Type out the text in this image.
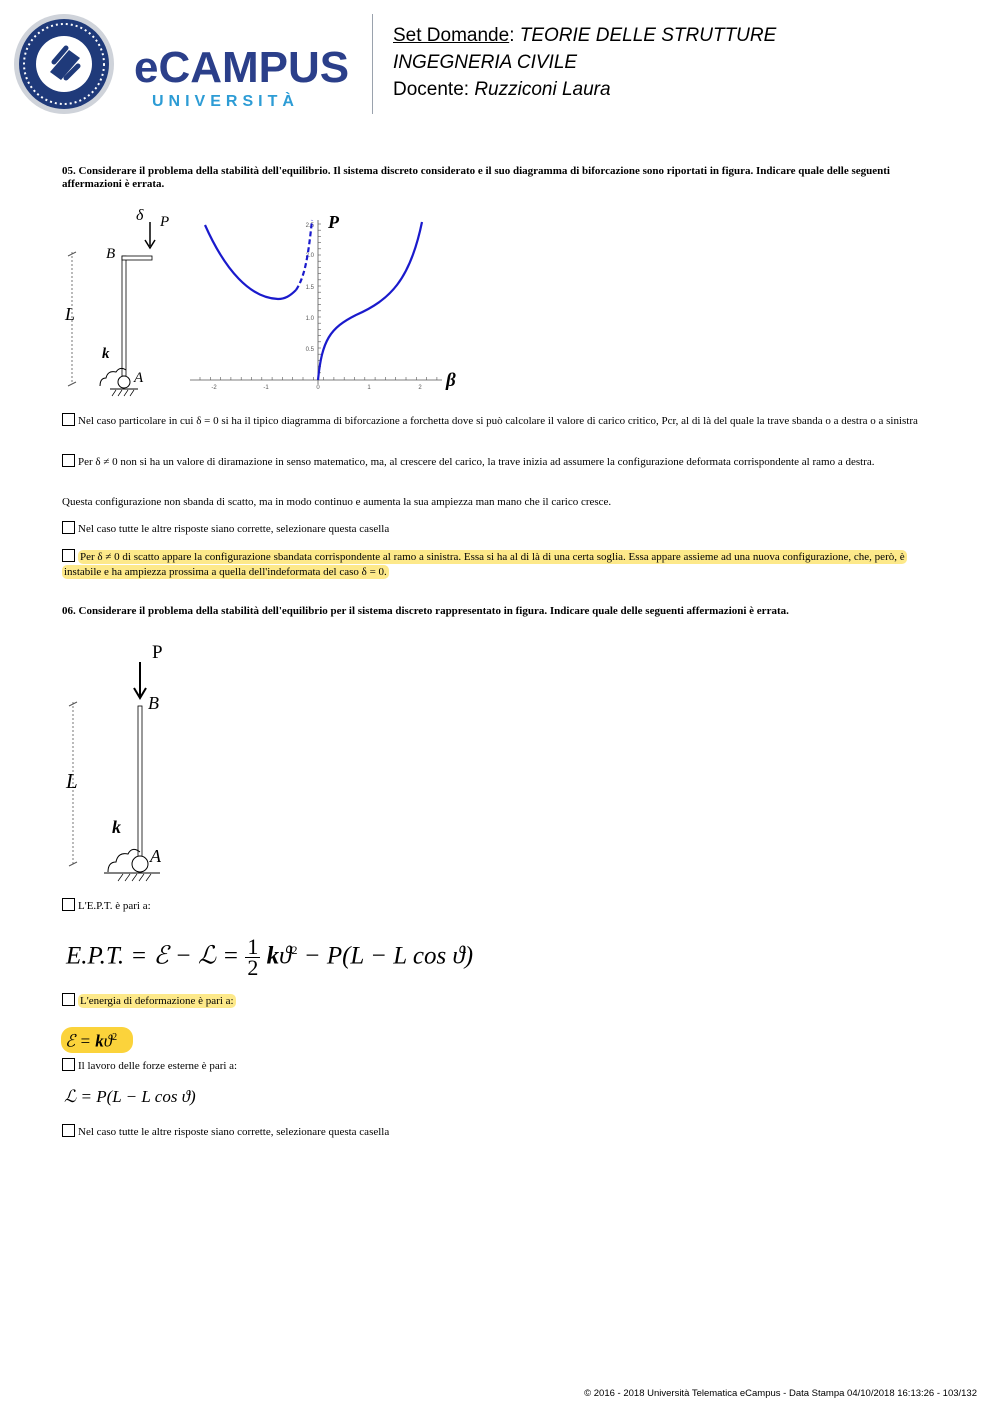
eCAMPUS
UNIVERSITÀ
Set Domande: TEORIE DELLE STRUTTURE
INGEGNERIA CIVILE
Docente: Ruzziconi Laura
05. Considerare il problema della stabilità dell'equilibrio. Il sistema discreto considerato e il suo diagramma di biforcazione sono riportati in figura. Indicare quale delle seguenti affermazioni è errata.
δ P
B
L
k
A
-2	-1	0	1	2
0.5
1.0
1.5
2.0
2.5 P
β
Nel caso particolare in cui δ = 0 si ha il tipico diagramma di biforcazione a forchetta dove si può calcolare il valore di carico critico, Pcr, al di là del quale la trave sbanda o a destra o a sinistra
Per δ ≠ 0 non si ha un valore di diramazione in senso matematico, ma, al crescere del carico, la trave inizia ad assumere la configurazione deformata corrispondente al ramo a destra.
Questa configurazione non sbanda di scatto, ma in modo continuo e aumenta la sua ampiezza man mano che il carico cresce.
Nel caso tutte le altre risposte siano corrette, selezionare questa casella
Per δ ≠ 0 di scatto appare la configurazione sbandata corrispondente al ramo a sinistra. Essa si ha al di là di una certa soglia. Essa appare assieme ad una nuova configurazione, che, però, è instabile e ha ampiezza prossima a quella dell'indeformata del caso δ = 0.
06. Considerare il problema della stabilità dell'equilibrio per il sistema discreto rappresentato in figura. Indicare quale delle seguenti affermazioni è errata.
P
B
L
k
A
L'E.P.T. è pari a:
E.P.T. = ℰ − ℒ = $\frac{1}{2} kϑ^2 - P(L - L$ cos ϑ)
L'energia di deformazione è pari a:
ℰ = $kϑ^2$
Il lavoro delle forze esterne è pari a:
ℒ = P(L − L cos ϑ)
Nel caso tutte le altre risposte siano corrette, selezionare questa casella
© 2016 - 2018 Università Telematica eCampus - Data Stampa 04/10/2018 16:13:26 - 103/132
